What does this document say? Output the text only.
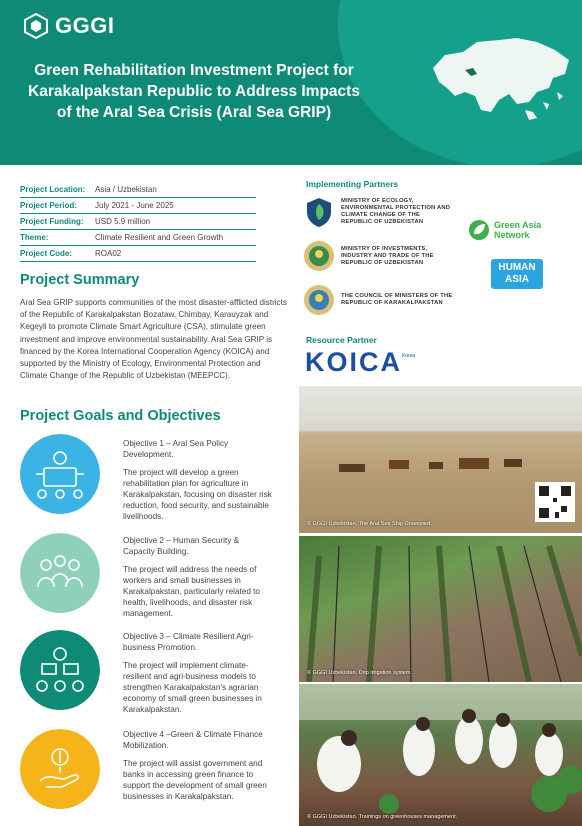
GGGI
Green Rehabilitation Investment Project for Karakalpakstan Republic to Address Impacts of the Aral Sea Crisis (Aral Sea GRIP)
Project Location:	Asia / Uzbekistan
Project Period:	July 2021 - June 2025
Project Funding:	USD 5.9 million
Theme:	Climate Resilient and Green Growth
Project Code:	ROA02
Project Summary
Aral Sea GRIP supports communities of the most disaster-afflicted districts of the Republic of Karakalpakstan Bozataw, Chimbay, Karauyzak and Kegeyli to promote Climate Smart Agriculture (CSA), stimulate green investment and improve environmental sustainability. Aral Sea GRIP is financed by the Korea International Cooperation Agency (KOICA) and supported by the Ministry of Ecology, Environmental Protection and Climate Change of the Republic of Uzbekistan (MEEPCC).
Project Goals and Objectives
Objective 1 – Aral Sea Policy Development.
The project will develop a green rehabilitation plan for agriculture in Karakalpakstan, focusing on disaster risk reduction, food security, and sustainable livelihoods.
Objective 2 – Human Security & Capacity Building.
The project will address the needs of workers and small businesses in Karakalpakstan, particularly related to health, livelihoods, and disaster risk management.
Objective 3 – Climate Resilient Agri-business Promotion.
The project will implement climate-resilient and agri-business models to strengthen Karakalpakstan's agrarian economy of small green businesses in Karakalpakstan.
Objective 4 –Green & Climate Finance Mobilization.
The project will assist government and banks in accessing green finance to support the development of small green businesses in Karakalpakstan.
Implementing Partners
MINISTRY OF ECOLOGY, ENVIRONMENTAL PROTECTION AND CLIMATE CHANGE OF THE REPUBLIC OF UZBEKISTAN
MINISTRY OF INVESTMENTS, INDUSTRY AND TRADE OF THE REPUBLIC OF UZBEKISTAN
THE COUNCIL OF MINISTERS OF THE REPUBLIC OF KARAKALPAKSTAN
Green Asia Network
HUMAN
ASIA
Resource Partner
KOICA Korea
© GGGI Uzbekistan. The Aral Sea Ship Graveyard.
© GGGI Uzbekistan. Drip irrigation system.
© GGGI Uzbekistan. Trainings on greenhouses management.
